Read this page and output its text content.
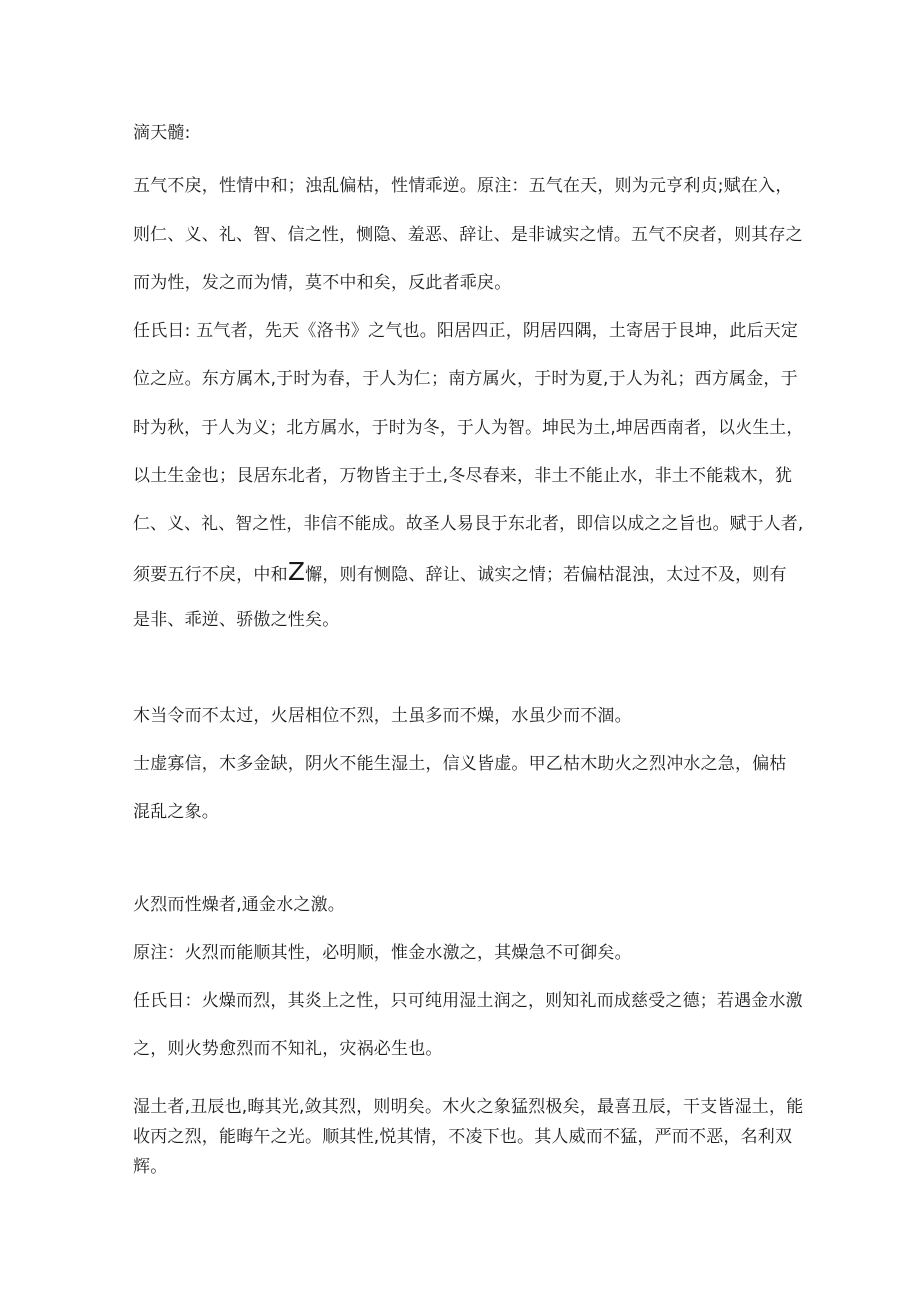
滴天髓:
五气不戾，性情中和；浊乱偏枯，性情乖逆。原注：五气在天，则为元亨利贞;赋在入，
则仁、义、礼、智、信之性，恻隐、羞恶、辞让、是非诚实之情。五气不戾者，则其存之
而为性，发之而为情，莫不中和矣，反此者乖戾。
任氏日: 五气者，先天《洛书》之气也。阳居四正，阴居四隅，土寄居于艮坤，此后天定
位之应。东方属木,于时为春，于人为仁；南方属火，于时为夏,于人为礼；西方属金，于
时为秋，于人为义；北方属水，于时为冬，于人为智。坤民为土,坤居西南者，以火生土，
以土生金也；艮居东北者，万物皆主于土,冬尽春来，非土不能止水，非土不能栽木，犹
仁、义、礼、智之性，非信不能成。故圣人易艮于东北者，即信以成之之旨也。赋于人者,
须要五行不戾，中和Z懈，则有恻隐、辞让、诚实之情；若偏枯混浊，太过不及，则有
是非、乖逆、骄傲之性矣。
木当令而不太过，火居相位不烈，土虽多而不燥，水虽少而不涸。
士虚寡信，木多金缺，阴火不能生湿土，信义皆虚。甲乙枯木助火之烈冲水之急，偏枯
混乱之象。
火烈而性燥者,通金水之激。
原注：火烈而能顺其性，必明顺，惟金水激之，其燥急不可御矣。
任氏日：火燥而烈，其炎上之性，只可纯用湿土润之，则知礼而成慈受之德；若遇金水激
之，则火势愈烈而不知礼，灾祸必生也。
湿土者,丑辰也,晦其光,敛其烈，则明矣。木火之象猛烈极矣，最喜丑辰，干支皆湿土，能
收丙之烈，能晦午之光。顺其性,悦其情，不凌下也。其人威而不猛，严而不恶，名利双
辉。
